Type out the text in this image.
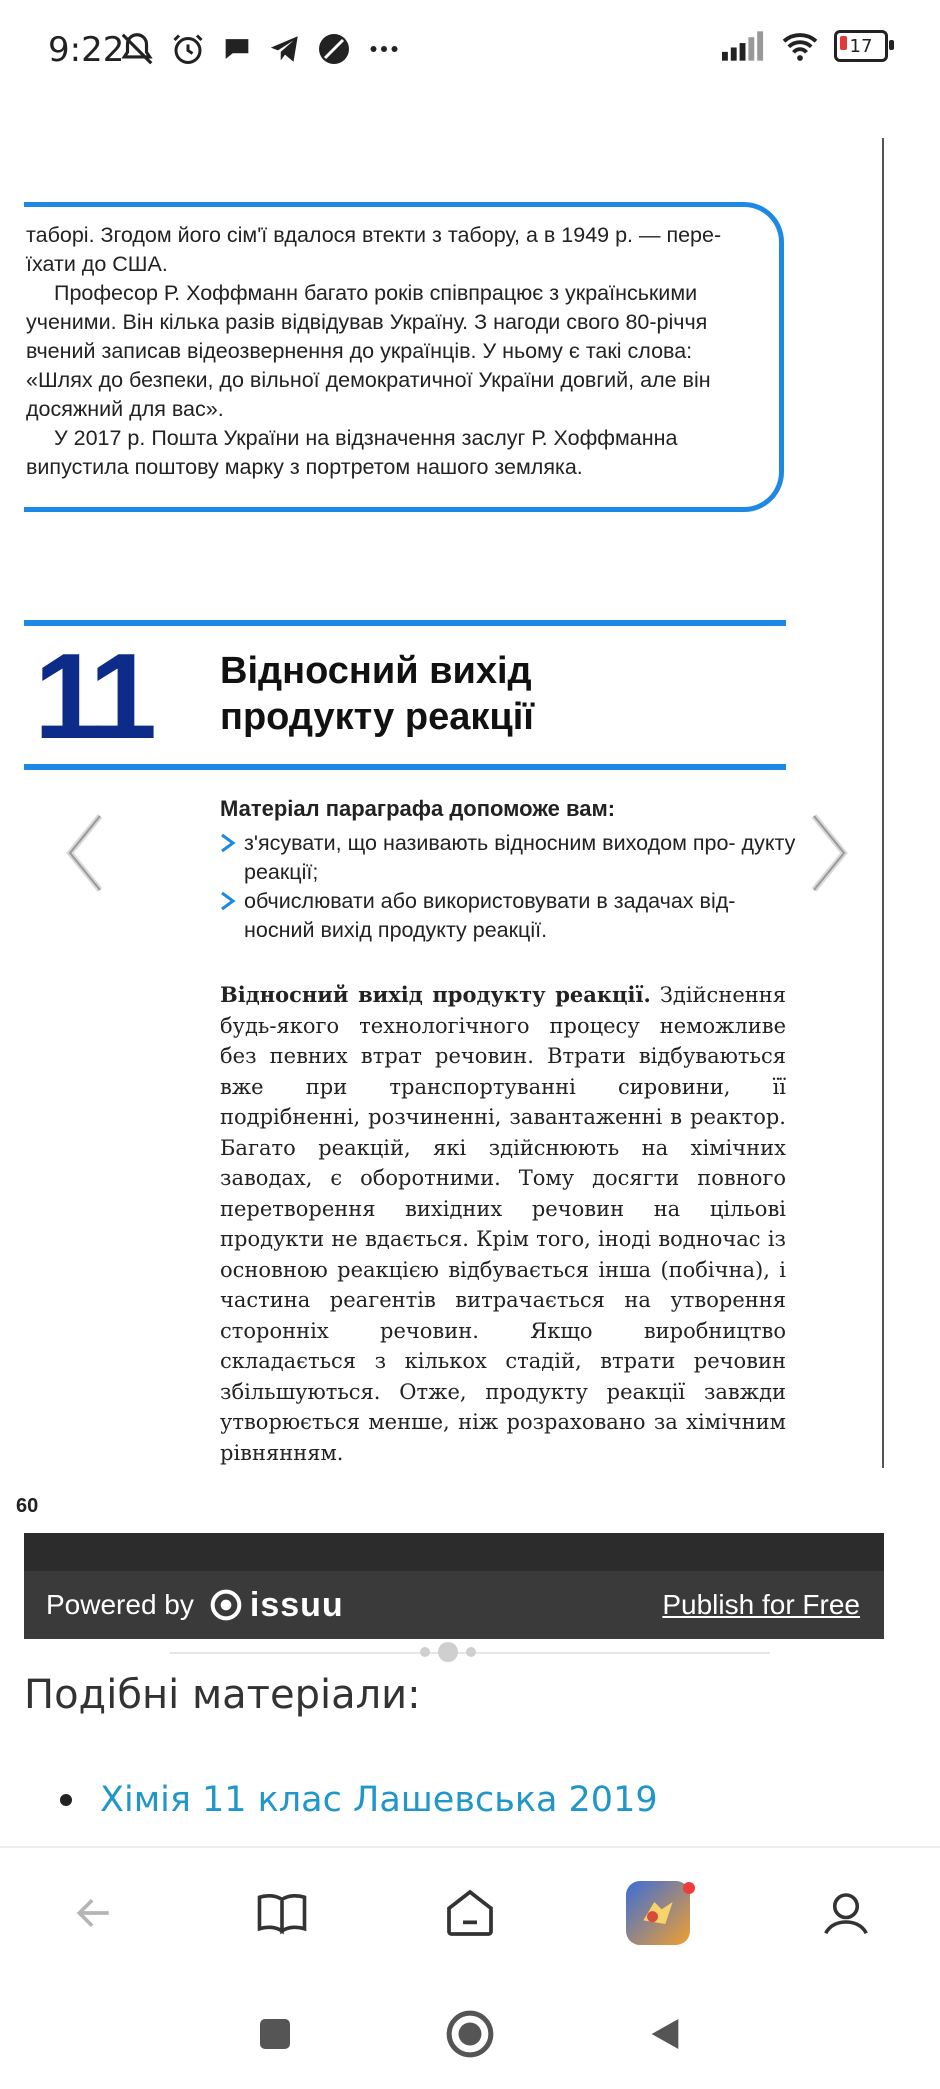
9:22	17

таборі. Згодом його сім'ї вдалося втекти з табору, а в 1949 р. — пере- їхати до США.

Професор Р. Хоффманн багато років співпрацює з українськими ученими. Він кілька разів відвідував Україну. З нагоди свого 80-річчя вчений записав відеозвернення до українців. У ньому є такі слова: «Шлях до безпеки, до вільної демократичної України довгий, але він досяжний для вас».

У 2017 р. Пошта України на відзначення заслуг Р. Хоффманна випустила поштову марку з портретом нашого земляка.

11 Відносний вихід
продукту реакції
Матеріал параграфа допоможе вам:
з'ясувати, що називають відносним виходом про- дукту реакції;
обчислювати або використовувати в задачах від- носний вихід продукту реакції.
Відносний вихід продукту реакції. Здійснення будь-якого технологічного процесу неможливе без певних втрат речовин. Втрати відбуваються вже при транспортуванні сировини, її подрібненні, розчиненні, завантаженні в реактор. Багато реакцій, які здійснюють на хімічних заводах, є оборотними. Тому досягти повного перетворення вихідних речовин на цільові продукти не вдається. Крім того, іноді водночас із основною реакцією відбувається інша (побічна), і частина реагентів витрачається на утворення сторонніх речовин. Якщо виробництво складається з кількох стадій, втрати речовин збільшуються. Отже, продукту реакції завжди утворюється менше, ніж розраховано за хімічним рівнянням.
60
Powered by issuu	Publish for Free
Подібні матеріали:
Хімія 11 клас Лашевська 2019
